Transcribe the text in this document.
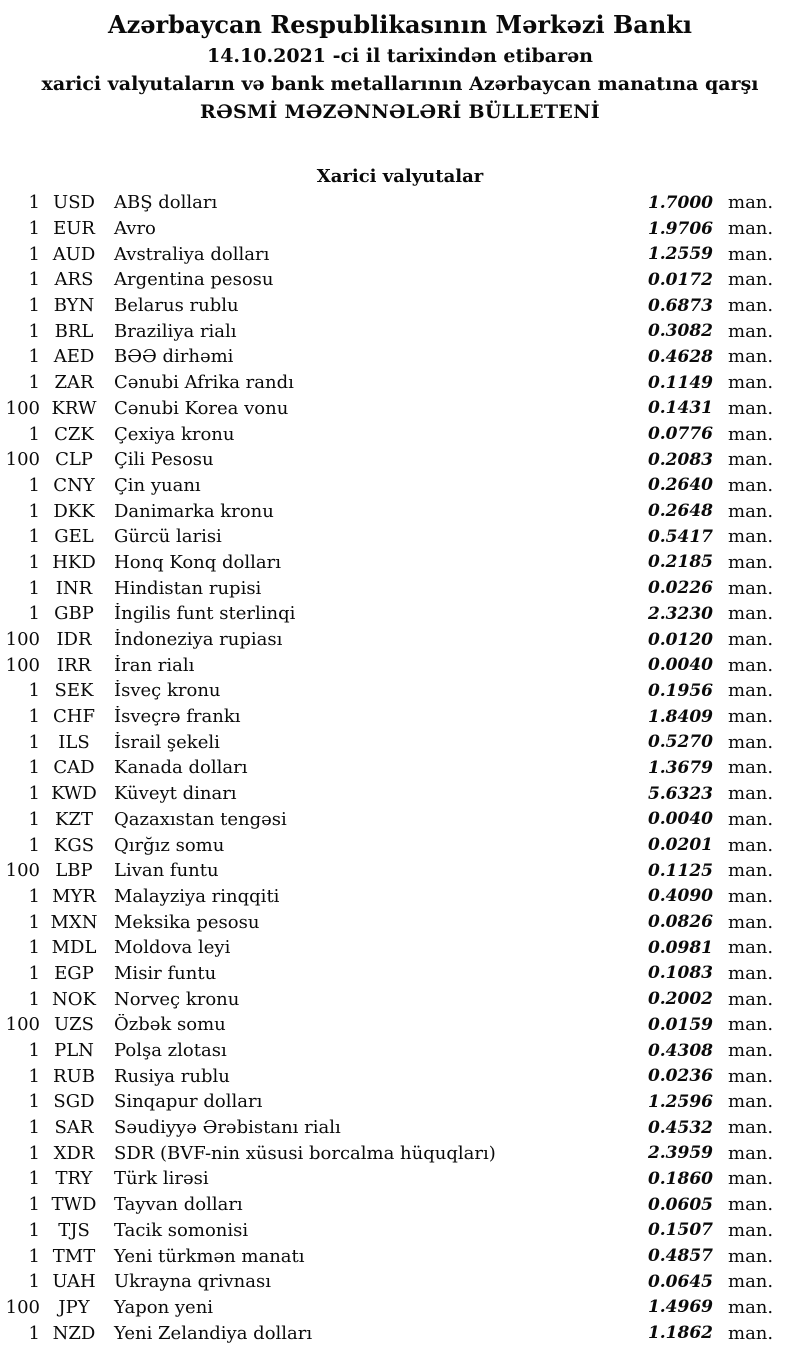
Azərbaycan Respublikasının Mərkəzi Bankı
14.10.2021 -ci il tarixindən etibarən
xarici valyutaların və bank metallarının Azərbaycan manatına qarşı
RƏSMİ MƏZƏNNƏLƏRİ BÜLLETENİ
Xarici valyutalar
1 USD	ABŞ dolları	1.7000 man.
1 EUR	Avro	1.9706 man.
1 AUD	Avstraliya dolları	1.2559 man.
1 ARS	Argentina pesosu	0.0172 man.
1 BYN	Belarus rublu	0.6873 man.
1 BRL	Braziliya rialı	0.3082 man.
1 AED	BƏƏ dirhəmi	0.4628 man.
1 ZAR	Cənubi Afrika randı	0.1149 man.
100 KRW Cənubi Korea vonu	0.1431 man.
1 CZK	Çexiya kronu	0.0776 man.
100 CLP	Çili Pesosu	0.2083 man.
1 CNY	Çin yuanı	0.2640 man.
1 DKK	Danimarka kronu	0.2648 man.
1 GEL	Gürcü larisi	0.5417 man.
1 HKD	Honq Konq dolları	0.2185 man.
1 INR	Hindistan rupisi	0.0226 man.
1 GBP	İngilis funt sterlinqi	2.3230 man.
100 IDR	İndoneziya rupiası	0.0120 man.
100 IRR	İran rialı	0.0040 man.
1 SEK	İsveç kronu	0.1956 man.
1 CHF	İsveçrə frankı	1.8409 man.
1	ILS	İsrail şekeli	0.5270 man.
1 CAD	Kanada dolları	1.3679 man.
1 KWD Küveyt dinarı	5.6323 man.
1 KZT	Qazaxıstan tengəsi	0.0040 man.
1 KGS	Qırğız somu	0.0201 man.
100 LBP	Livan funtu	0.1125 man.
1 MYR	Malayziya rinqqiti	0.4090 man.
1 MXN Meksika pesosu	0.0826 man.
1 MDL Moldova leyi	0.0981 man.
1 EGP	Misir funtu	0.1083 man.
1 NOK	Norveç kronu	0.2002 man.
100 UZS	Özbək somu	0.0159 man.
1 PLN	Polşa zlotası	0.4308 man.
1 RUB	Rusiya rublu	0.0236 man.
1 SGD	Sinqapur dolları	1.2596 man.
1 SAR	Səudiyyə Ərəbistanı rialı	0.4532 man.
1 XDR	SDR (BVF-nin xüsusi borcalma hüquqları)	2.3959 man.
1 TRY	Türk lirəsi	0.1860 man.
1 TWD Tayvan dolları	0.0605 man.
1	TJS	Tacik somonisi	0.1507 man.
1 TMT	Yeni türkmən manatı	0.4857 man.
1 UAH	Ukrayna qrivnası	0.0645 man.
100	JPY	Yapon yeni	1.4969 man.
1 NZD	Yeni Zelandiya dolları	1.1862 man.
